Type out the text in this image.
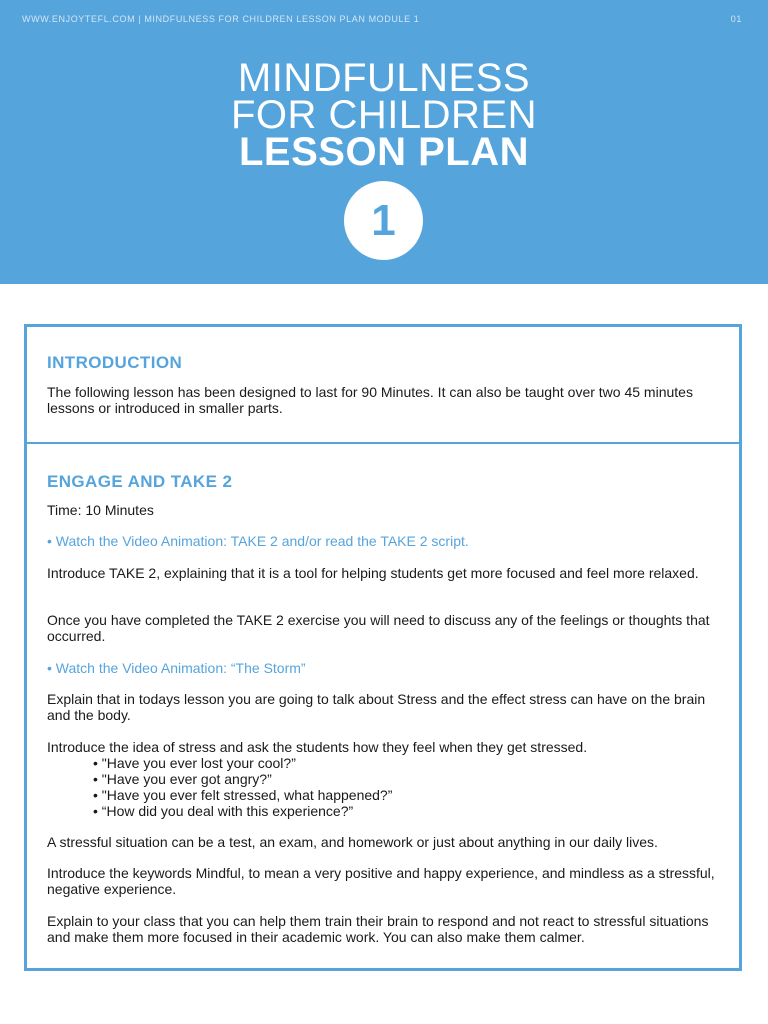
WWW.ENJOYTEFL.COM | MINDFULNESS FOR CHILDREN LESSON PLAN MODULE 1	01
MINDFULNESS
FOR CHILDREN
LESSON PLAN
1
INTRODUCTION
The following lesson has been designed to last for 90 Minutes. It can also be taught over two 45 minutes lessons or introduced in smaller parts.
ENGAGE AND TAKE 2
Time: 10 Minutes
• Watch the Video Animation: TAKE 2 and/or read the TAKE 2 script.
Introduce TAKE 2, explaining that it is a tool for helping students get more focused and feel more relaxed.
Once you have completed the TAKE 2 exercise you will need to discuss any of the feelings or thoughts that occurred.
• Watch the Video Animation: “The Storm”
Explain that in todays lesson you are going to talk about Stress and the effect stress can have on the brain and the body.
Introduce the idea of stress and ask the students how they feel when they get stressed.
• "Have you ever lost your cool?”
• "Have you ever got angry?”
• "Have you ever felt stressed, what happened?”
• “How did you deal with this experience?”
A stressful situation can be a test, an exam, and homework or just about anything in our daily lives.
Introduce the keywords Mindful, to mean a very positive and happy experience, and mindless as a stressful, negative experience.
Explain to your class that you can help them train their brain to respond and not react to stressful situations and make them more focused in their academic work. You can also make them calmer.
